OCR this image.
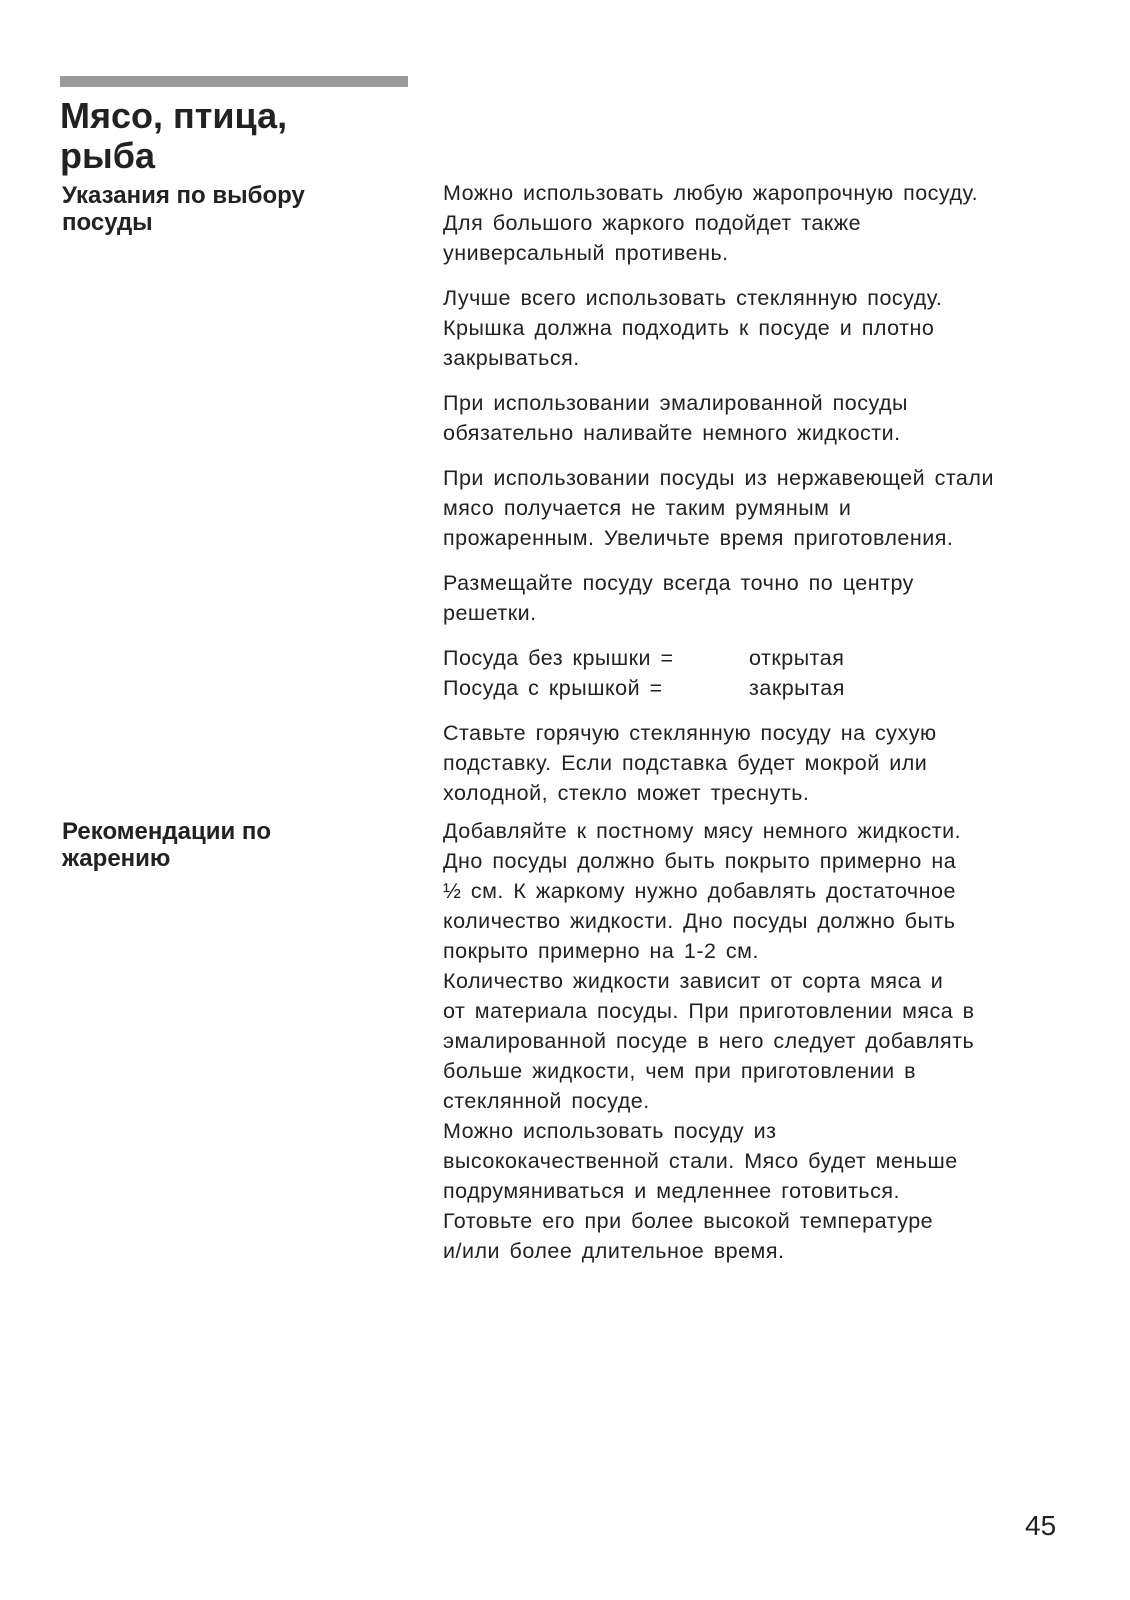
Мясо, птица,
рыба
Указания по выбору
посуды

Можно использовать любую жаропрочную посуду.
Для большого жаркого подойдет также
универсальный противень.

Лучше всего использовать стеклянную посуду.
Крышка должна подходить к посуде и плотно
закрываться.

При использовании эмалированной посуды
обязательно наливайте немного жидкости.

При использовании посуды из нержавеющей стали
мясо получается не таким румяным и
прожаренным. Увеличьте время приготовления.

Размещайте посуду всегда точно по центру
решетки.

Посуда без крышки =	открытая
Посуда с крышкой =	закрытая

Ставьте горячую стеклянную посуду на сухую
подставку. Если подставка будет мокрой или
холодной, стекло может треснуть.

Рекомендации по
жарению

Добавляйте к постному мясу немного жидкости.
Дно посуды должно быть покрыто примерно на
½ см. К жаркому нужно добавлять достаточное
количество жидкости. Дно посуды должно быть
покрыто примерно на 1-2 см.
Количество жидкости зависит от сорта мяса и
от материала посуды. При приготовлении мяса в
эмалированной посуде в него следует добавлять
больше жидкости, чем при приготовлении в
стеклянной посуде.
Можно использовать посуду из
высококачественной стали. Мясо будет меньше
подрумяниваться и медленнее готовиться.
Готовьте его при более высокой температуре
и/или более длительное время.

45
